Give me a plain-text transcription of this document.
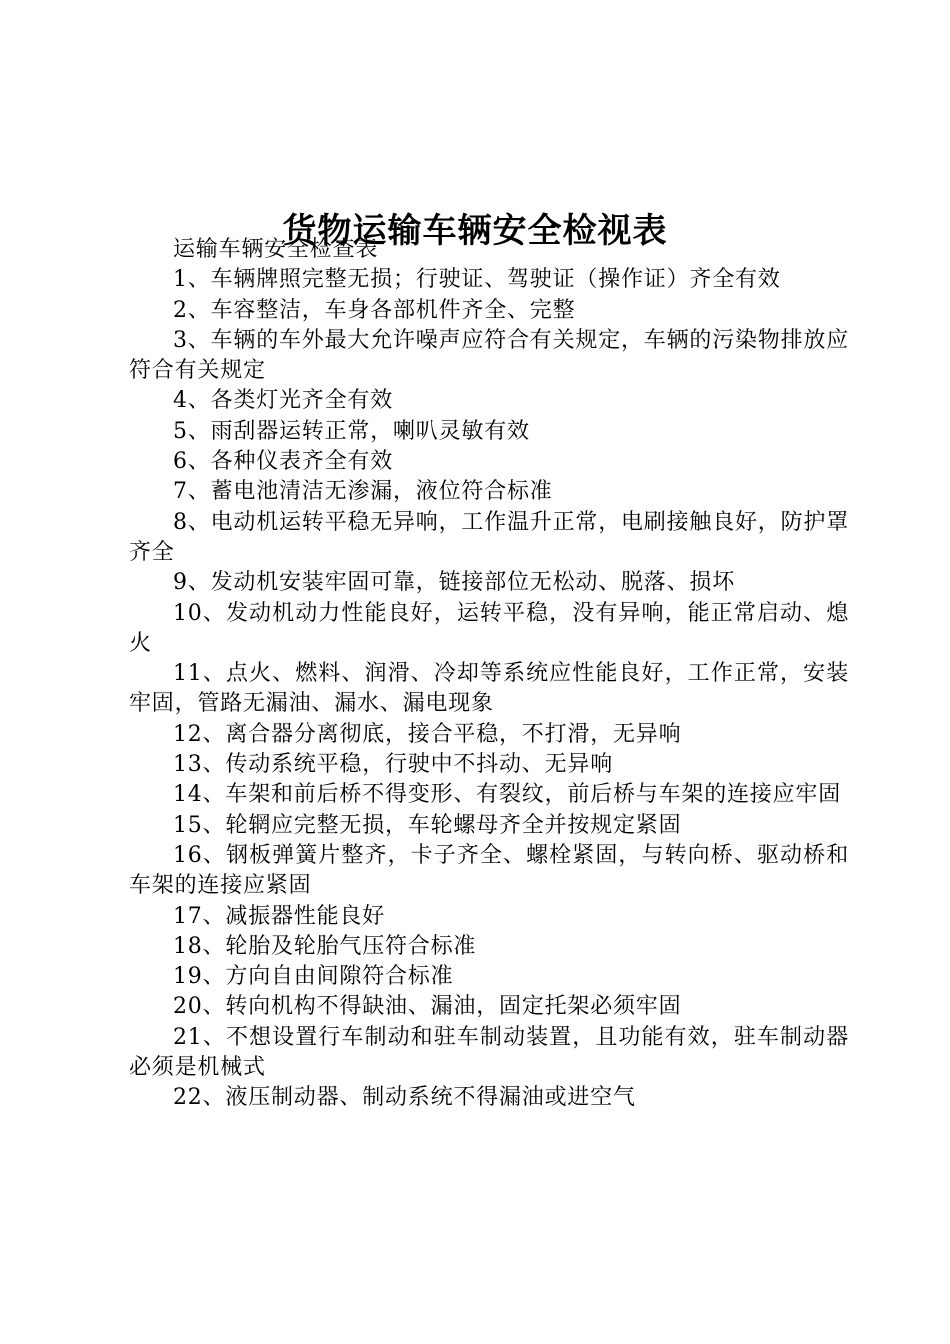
货物运输车辆安全检视表

运输车辆安全检查表

1、车辆牌照完整无损；行驶证、驾驶证（操作证）齐全有效

2、车容整洁，车身各部机件齐全、完整

3、车辆的车外最大允许噪声应符合有关规定，车辆的污染物排放应符合有关规定

4、各类灯光齐全有效

5、雨刮器运转正常，喇叭灵敏有效

6、各种仪表齐全有效

7、蓄电池清洁无渗漏，液位符合标准

8、电动机运转平稳无异响，工作温升正常，电刷接触良好，防护罩齐全

9、发动机安装牢固可靠，链接部位无松动、脱落、损坏

10、发动机动力性能良好，运转平稳，没有异响，能正常启动、熄火

11、点火、燃料、润滑、冷却等系统应性能良好，工作正常，安装牢固，管路无漏油、漏水、漏电现象

12、离合器分离彻底，接合平稳，不打滑，无异响

13、传动系统平稳，行驶中不抖动、无异响

14、车架和前后桥不得变形、有裂纹，前后桥与车架的连接应牢固

15、轮辋应完整无损，车轮螺母齐全并按规定紧固

16、钢板弹簧片整齐，卡子齐全、螺栓紧固，与转向桥、驱动桥和车架的连接应紧固

17、减振器性能良好

18、轮胎及轮胎气压符合标准

19、方向自由间隙符合标准

20、转向机构不得缺油、漏油，固定托架必须牢固

21、不想设置行车制动和驻车制动装置，且功能有效，驻车制动器必须是机械式

22、液压制动器、制动系统不得漏油或进空气
